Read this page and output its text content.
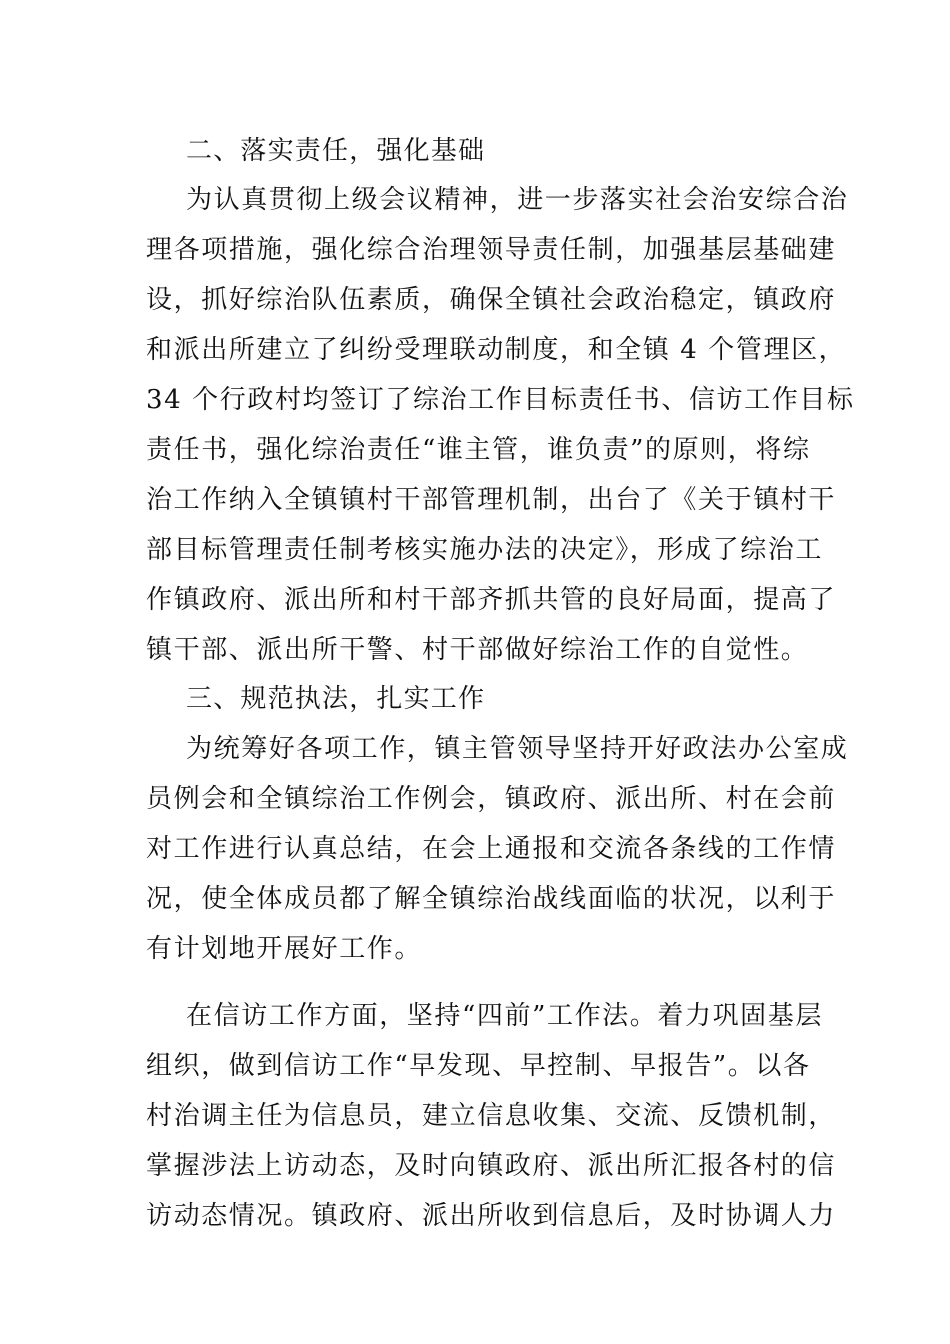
二、落实责任，强化基础
为认真贯彻上级会议精神，进一步落实社会治安综合治
理各项措施，强化综合治理领导责任制，加强基层基础建
设，抓好综治队伍素质，确保全镇社会政治稳定，镇政府
和派出所建立了纠纷受理联动制度，和全镇 4 个管理区，
34 个行政村均签订了综治工作目标责任书、信访工作目标
责任书，强化综治责任“谁主管，谁负责”的原则，将综
治工作纳入全镇镇村干部管理机制，出台了《关于镇村干
部目标管理责任制考核实施办法的决定》，形成了综治工
作镇政府、派出所和村干部齐抓共管的良好局面，提高了
镇干部、派出所干警、村干部做好综治工作的自觉性。
三、规范执法，扎实工作
为统筹好各项工作，镇主管领导坚持开好政法办公室成
员例会和全镇综治工作例会，镇政府、派出所、村在会前
对工作进行认真总结，在会上通报和交流各条线的工作情
况，使全体成员都了解全镇综治战线面临的状况，以利于
有计划地开展好工作。
在信访工作方面，坚持“四前”工作法。着力巩固基层
组织，做到信访工作“早发现、早控制、早报告”。以各
村治调主任为信息员，建立信息收集、交流、反馈机制，
掌握涉法上访动态，及时向镇政府、派出所汇报各村的信
访动态情况。镇政府、派出所收到信息后，及时协调人力
